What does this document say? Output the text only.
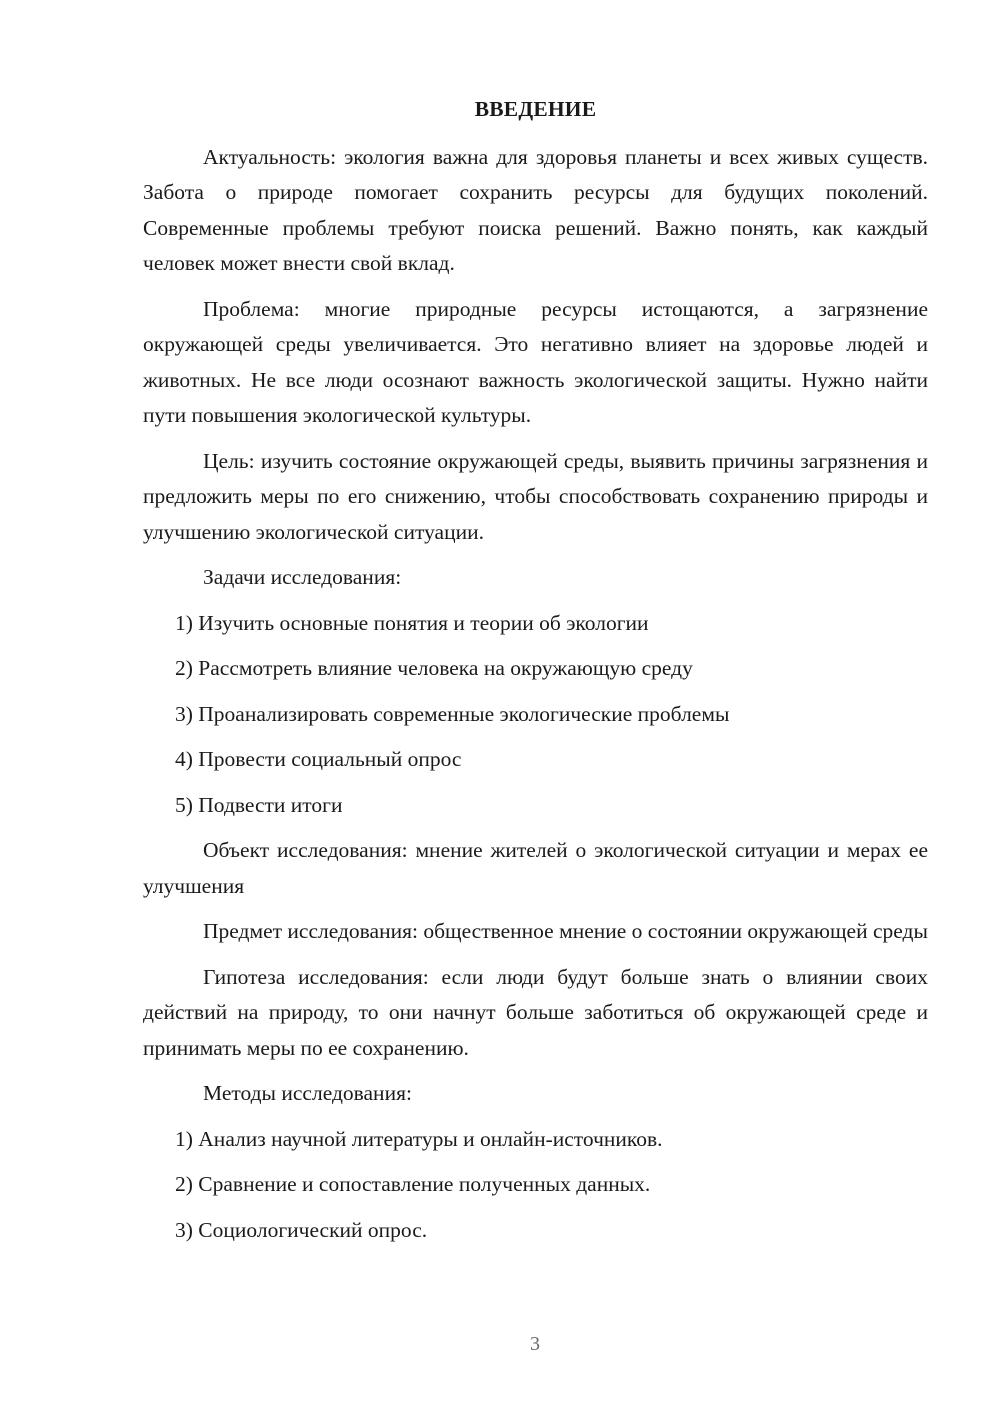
ВВЕДЕНИЕ

Актуальность: экология важна для здоровья планеты и всех живых существ. Забота о природе помогает сохранить ресурсы для будущих поколений. Современные проблемы требуют поиска решений. Важно понять, как каждый человек может внести свой вклад.

Проблема: многие природные ресурсы истощаются, а загрязнение окружающей среды увеличивается. Это негативно влияет на здоровье людей и животных. Не все люди осознают важность экологической защиты. Нужно найти пути повышения экологической культуры.

Цель: изучить состояние окружающей среды, выявить причины загрязнения и предложить меры по его снижению, чтобы способствовать сохранению природы и улучшению экологической ситуации.

Задачи исследования:

1) Изучить основные понятия и теории об экологии

2) Рассмотреть влияние человека на окружающую среду

3) Проанализировать современные экологические проблемы

4) Провести социальный опрос

5) Подвести итоги

Объект исследования: мнение жителей о экологической ситуации и мерах ее улучшения

Предмет исследования: общественное мнение о состоянии окружающей среды

Гипотеза исследования: если люди будут больше знать о влиянии своих действий на природу, то они начнут больше заботиться об окружающей среде и принимать меры по ее сохранению.

Методы исследования:

1) Анализ научной литературы и онлайн-источников.

2) Сравнение и сопоставление полученных данных.

3) Социологический опрос.

3
